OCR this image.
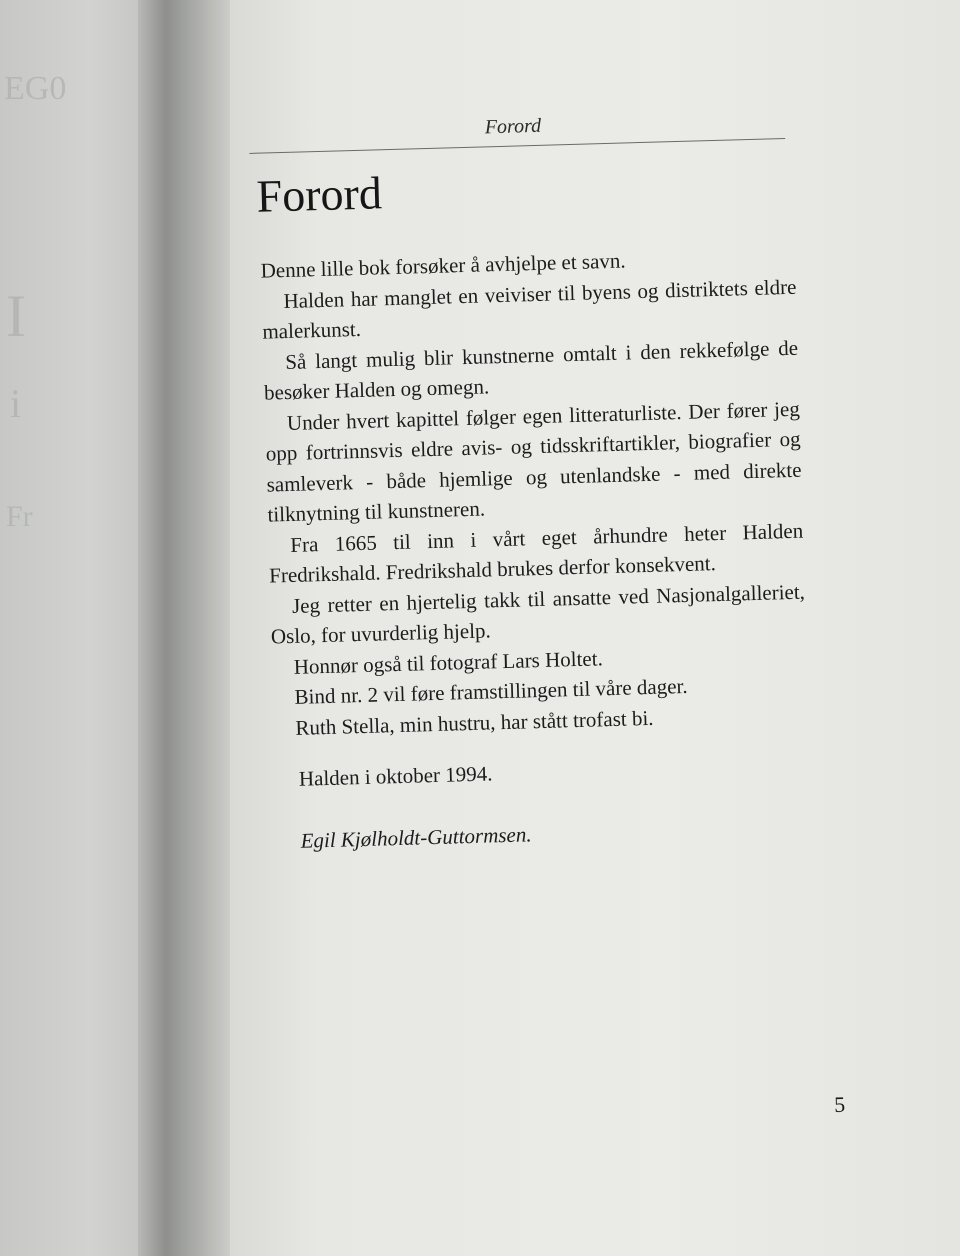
EG0
I
i
Fr
Forord
Forord

Denne lille bok forsøker å avhjelpe et savn.

Halden har manglet en veiviser til byens og distriktets eldre malerkunst.

Så langt mulig blir kunstnerne omtalt i den rekkefølge de besøker Halden og omegn.

Under hvert kapittel følger egen litteraturliste. Der fører jeg opp fortrinnsvis eldre avis- og tidsskriftartikler, biografier og samleverk - både hjemlige og utenlandske - med direkte tilknytning til kunstneren.

Fra 1665 til inn i vårt eget århundre heter Halden Fredrikshald. Fredrikshald brukes derfor konsekvent.

Jeg retter en hjertelig takk til ansatte ved Nasjonalgalleriet, Oslo, for uvurderlig hjelp.

Honnør også til fotograf Lars Holtet.

Bind nr. 2 vil føre framstillingen til våre dager.

Ruth Stella, min hustru, har stått trofast bi.

Halden i oktober 1994.
Egil Kjølholdt-Guttormsen.
5
